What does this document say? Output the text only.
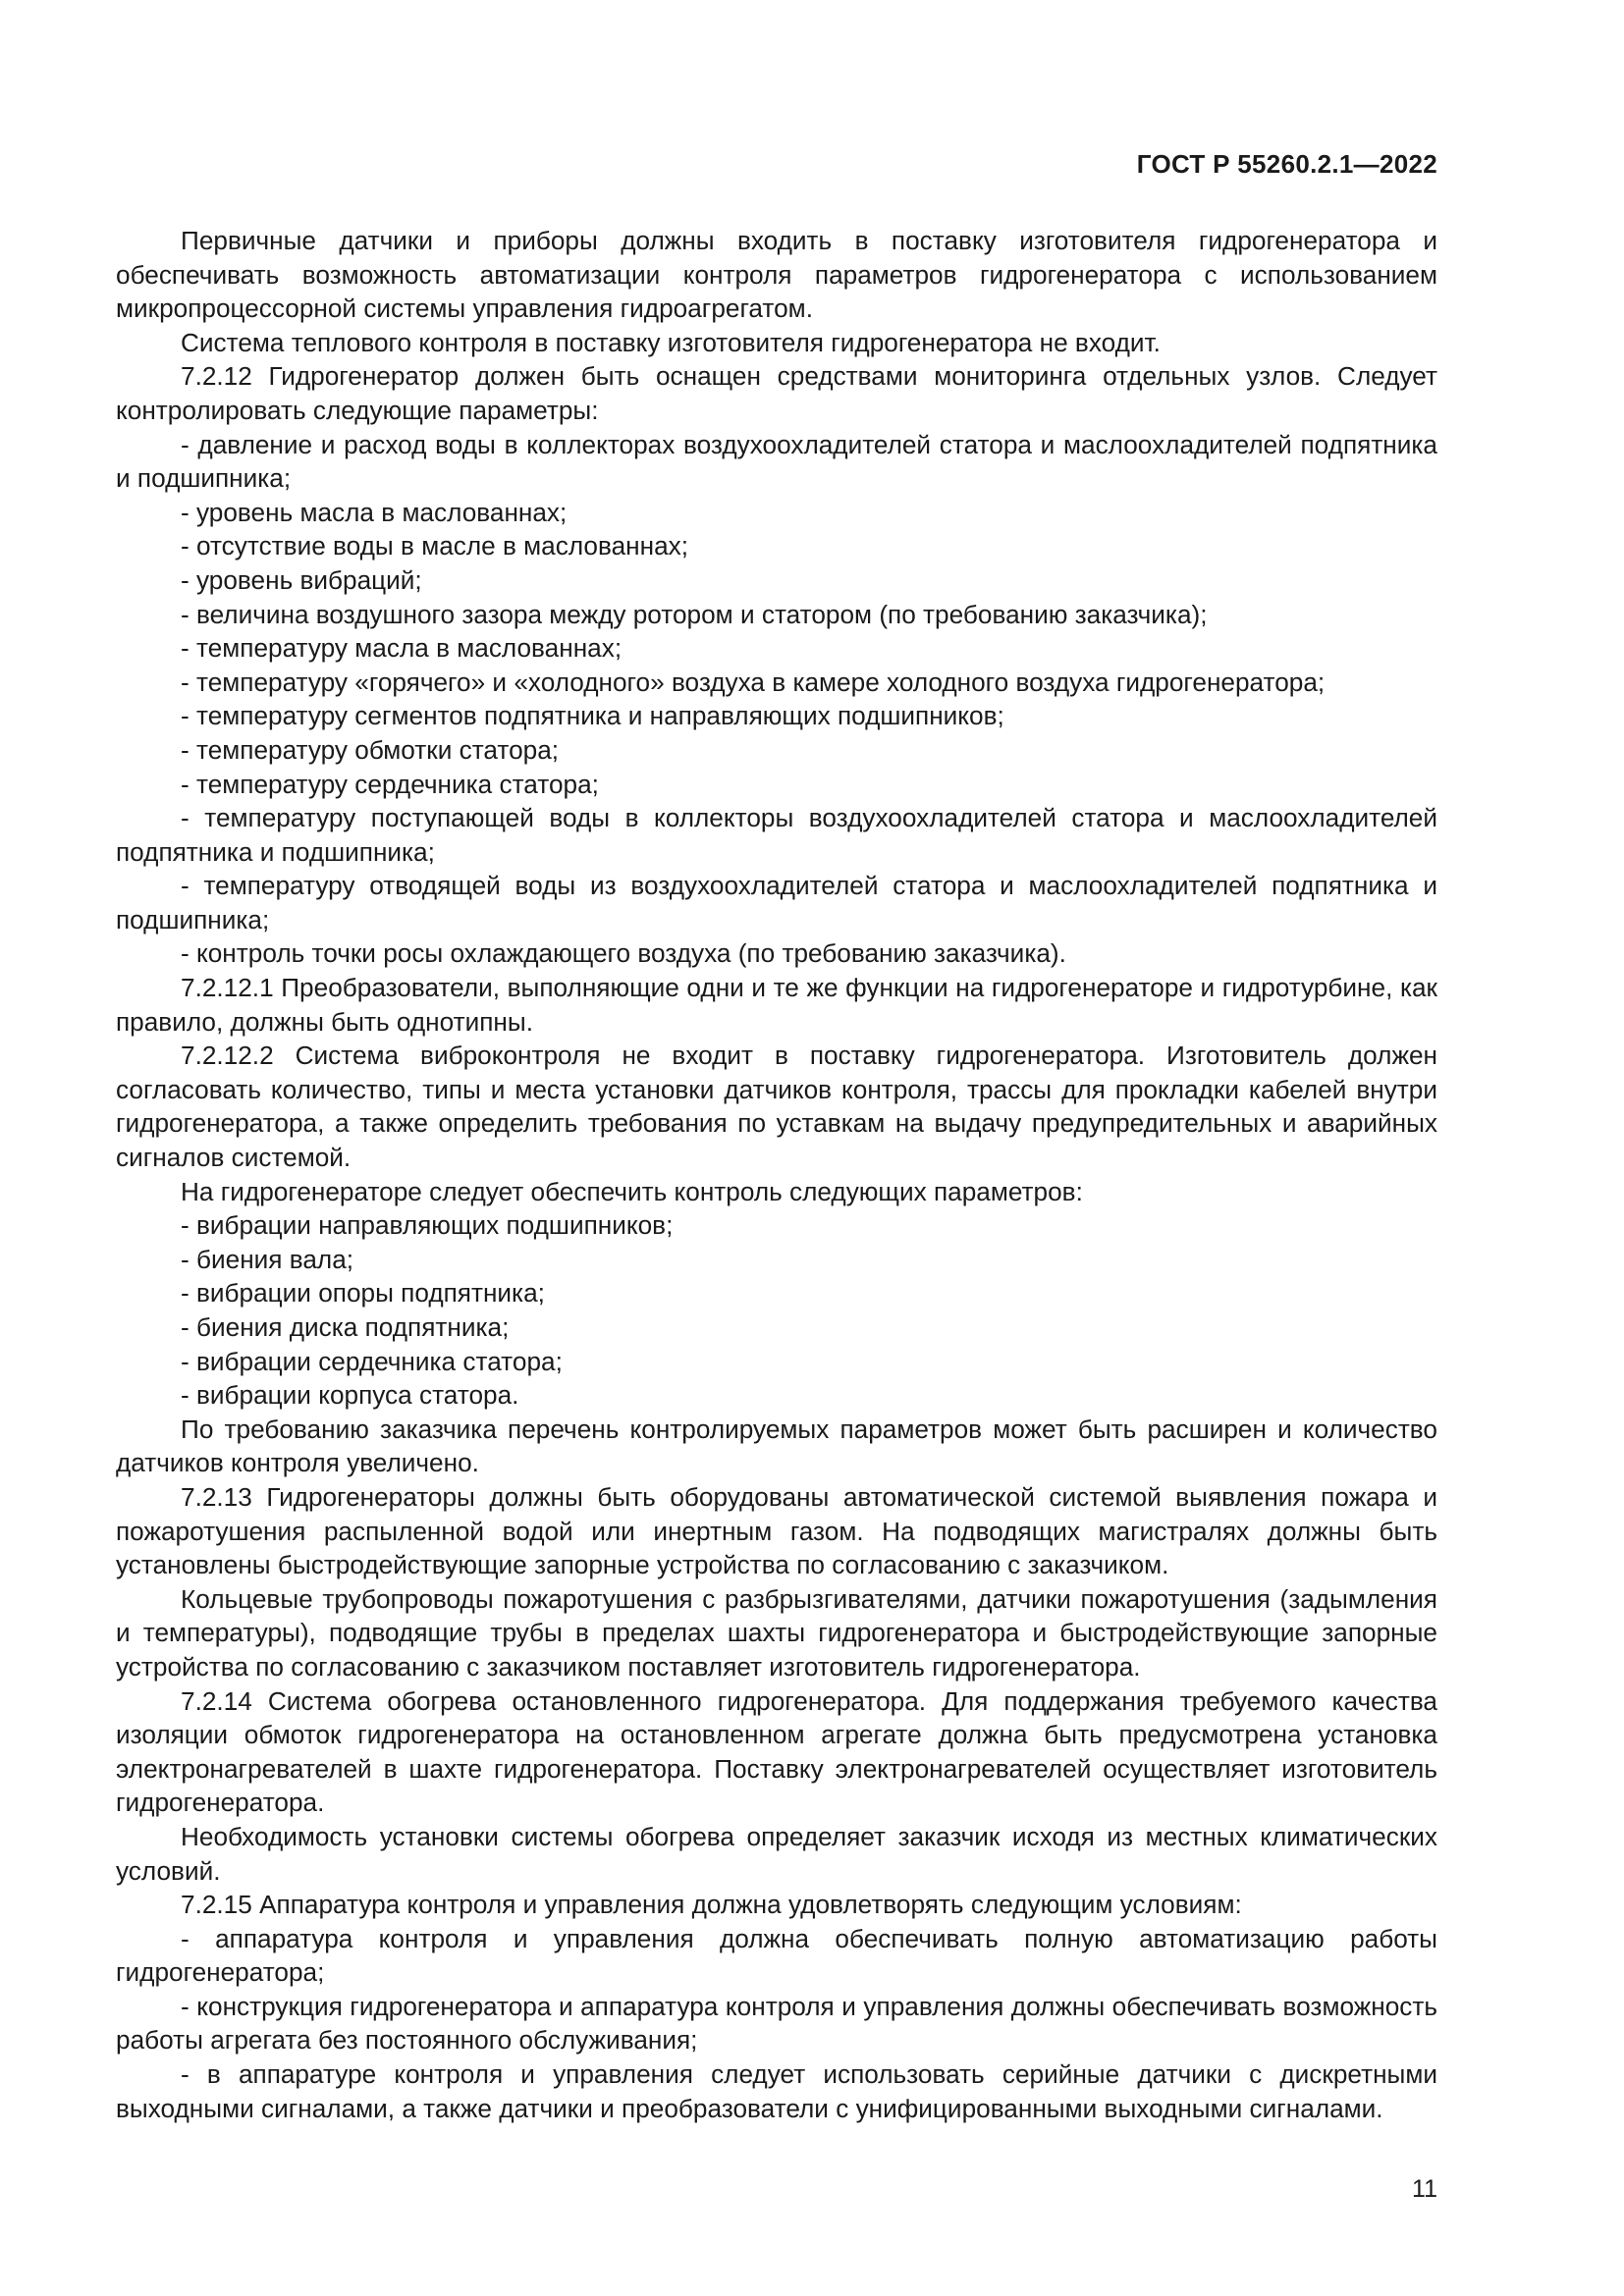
ГОСТ Р 55260.2.1—2022

Первичные датчики и приборы должны входить в поставку изготовителя гидрогенератора и обеспечивать возможность автоматизации контроля параметров гидрогенератора с использованием микропроцессорной системы управления гидроагрегатом.

Система теплового контроля в поставку изготовителя гидрогенератора не входит.

7.2.12 Гидрогенератор должен быть оснащен средствами мониторинга отдельных узлов. Следует контролировать следующие параметры:

- давление и расход воды в коллекторах воздухоохладителей статора и маслоохладителей подпятника и подшипника;

- уровень масла в маслованнах;

- отсутствие воды в масле в маслованнах;

- уровень вибраций;

- величина воздушного зазора между ротором и статором (по требованию заказчика);

- температуру масла в маслованнах;

- температуру «горячего» и «холодного» воздуха в камере холодного воздуха гидрогенератора;

- температуру сегментов подпятника и направляющих подшипников;

- температуру обмотки статора;

- температуру сердечника статора;

- температуру поступающей воды в коллекторы воздухоохладителей статора и маслоохладителей подпятника и подшипника;

- температуру отводящей воды из воздухоохладителей статора и маслоохладителей подпятника и подшипника;

- контроль точки росы охлаждающего воздуха (по требованию заказчика).

7.2.12.1 Преобразователи, выполняющие одни и те же функции на гидрогенераторе и гидротурбине, как правило, должны быть однотипны.

7.2.12.2 Система виброконтроля не входит в поставку гидрогенератора. Изготовитель должен согласовать количество, типы и места установки датчиков контроля, трассы для прокладки кабелей внутри гидрогенератора, а также определить требования по уставкам на выдачу предупредительных и аварийных сигналов системой.

На гидрогенераторе следует обеспечить контроль следующих параметров:

- вибрации направляющих подшипников;

- биения вала;

- вибрации опоры подпятника;

- биения диска подпятника;

- вибрации сердечника статора;

- вибрации корпуса статора.

По требованию заказчика перечень контролируемых параметров может быть расширен и количество датчиков контроля увеличено.

7.2.13 Гидрогенераторы должны быть оборудованы автоматической системой выявления пожара и пожаротушения распыленной водой или инертным газом. На подводящих магистралях должны быть установлены быстродействующие запорные устройства по согласованию с заказчиком.

Кольцевые трубопроводы пожаротушения с разбрызгивателями, датчики пожаротушения (задымления и температуры), подводящие трубы в пределах шахты гидрогенератора и быстродействующие запорные устройства по согласованию с заказчиком поставляет изготовитель гидрогенератора.

7.2.14 Система обогрева остановленного гидрогенератора. Для поддержания требуемого качества изоляции обмоток гидрогенератора на остановленном агрегате должна быть предусмотрена установка электронагревателей в шахте гидрогенератора. Поставку электронагревателей осуществляет изготовитель гидрогенератора.

Необходимость установки системы обогрева определяет заказчик исходя из местных климатических условий.

7.2.15 Аппаратура контроля и управления должна удовлетворять следующим условиям:

- аппаратура контроля и управления должна обеспечивать полную автоматизацию работы гидрогенератора;

- конструкция гидрогенератора и аппаратура контроля и управления должны обеспечивать возможность работы агрегата без постоянного обслуживания;

- в аппаратуре контроля и управления следует использовать серийные датчики с дискретными выходными сигналами, а также датчики и преобразователи с унифицированными выходными сигналами.

11
